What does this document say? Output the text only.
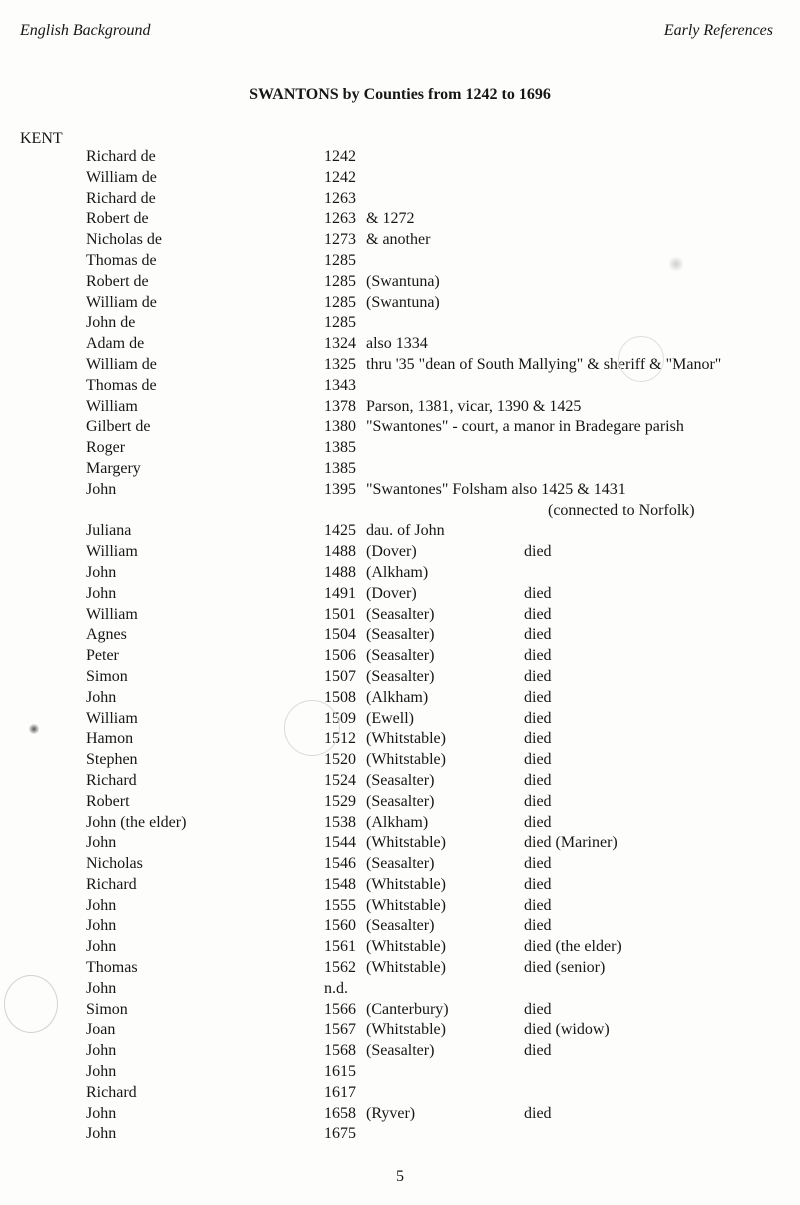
English Background	Early References
SWANTONS by Counties from 1242 to 1696
KENT
Richard de	1242
William de	1242
Richard de	1263
Robert de	1263 & 1272
Nicholas de	1273 & another
Thomas de	1285
Robert de	1285 (Swantuna)
William de	1285 (Swantuna)
John de	1285
Adam de	1324 also 1334
William de	1325 thru '35 "dean of South Mallying" & sheriff & "Manor"
Thomas de	1343
William	1378 Parson, 1381, vicar, 1390 & 1425
Gilbert de	1380 "Swantones" - court, a manor in Bradegare parish
Roger	1385
Margery	1385
John	1395 "Swantones" Folsham also 1425 & 1431
(connected to Norfolk)
Juliana	1425 dau. of John
William	1488 (Dover)	died
John	1488 (Alkham)
John	1491 (Dover)	died
William	1501 (Seasalter)	died
Agnes	1504 (Seasalter)	died
Peter	1506 (Seasalter)	died
Simon	1507 (Seasalter)	died
John	1508 (Alkham)	died
William	1509 (Ewell)	died
Hamon	1512 (Whitstable)	died
Stephen	1520 (Whitstable)	died
Richard	1524 (Seasalter)	died
Robert	1529 (Seasalter)	died
John (the elder)	1538 (Alkham)	died
John	1544 (Whitstable)	died (Mariner)
Nicholas	1546 (Seasalter)	died
Richard	1548 (Whitstable)	died
John	1555 (Whitstable)	died
John	1560 (Seasalter)	died
John	1561 (Whitstable)	died (the elder)
Thomas	1562 (Whitstable)	died (senior)
John	n.d.
Simon	1566 (Canterbury)	died
Joan	1567 (Whitstable)	died (widow)
John	1568 (Seasalter)	died
John	1615
Richard	1617
John	1658 (Ryver)	died
John	1675
5
